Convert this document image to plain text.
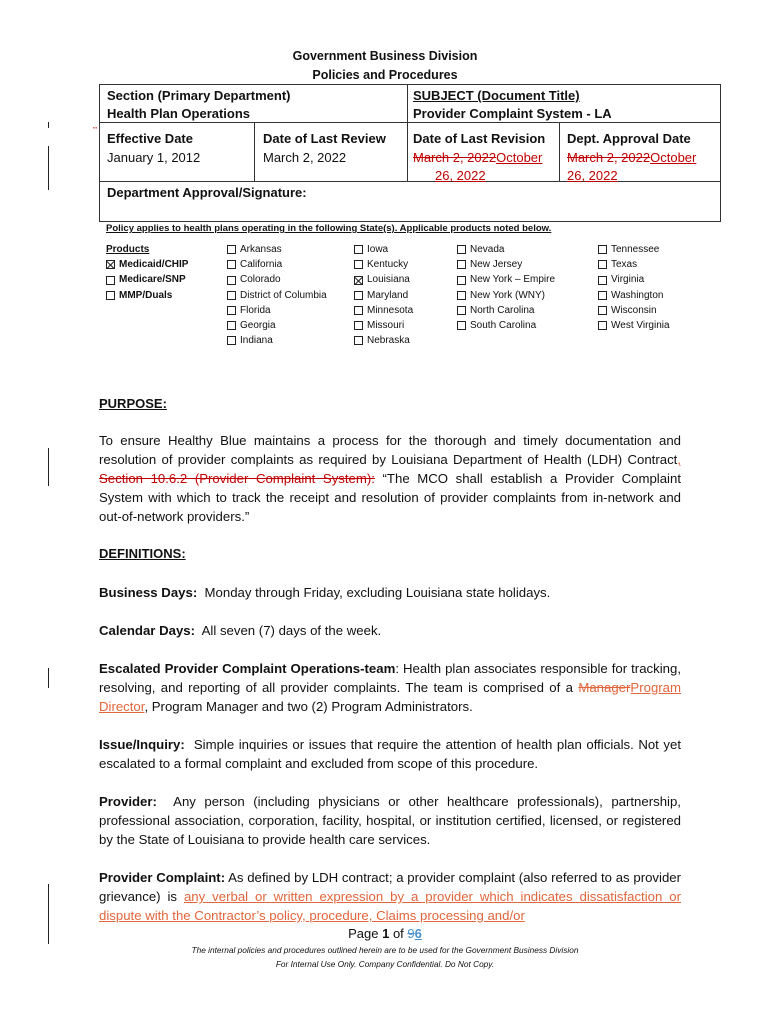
Government Business Division
Policies and Procedures
Section (Primary Department)
Health Plan Operations
SUBJECT (Document Title)
Provider Complaint System - LA
Effective Date
January 1, 2012
Date of Last Review
March 2, 2022
Date of Last Revision
March 2, 2022October
26, 2022
Dept. Approval Date
March 2, 2022October
26, 2022
Department Approval/Signature:
▪▪▪
Policy applies to health plans operating in the following State(s). Applicable products noted below.
Products
Medicaid/CHIP
Medicare/SNP
MMP/Duals
Arkansas
California
Colorado
District of Columbia
Florida
Georgia
Indiana
Iowa
Kentucky
Louisiana
Maryland
Minnesota
Missouri
Nebraska
Nevada
New Jersey
New York – Empire
New York (WNY)
North Carolina
South Carolina
Tennessee
Texas
Virginia
Washington
Wisconsin
West Virginia
PURPOSE:
To ensure Healthy Blue maintains a process for the thorough and timely documentation and resolution of provider complaints as required by Louisiana Department of Health (LDH) Contract, Section 10.6.2 (Provider Complaint System): “The MCO shall establish a Provider Complaint System with which to track the receipt and resolution of provider complaints from in-network and out-of-network providers.”
DEFINITIONS:
Business Days: Monday through Friday, excluding Louisiana state holidays.
Calendar Days: All seven (7) days of the week.
Escalated Provider Complaint Operations-team: Health plan associates responsible for tracking, resolving, and reporting of all provider complaints. The team is comprised of a ManagerProgram Director, Program Manager and two (2) Program Administrators.
Issue/Inquiry: Simple inquiries or issues that require the attention of health plan officials. Not yet escalated to a formal complaint and excluded from scope of this procedure.
Provider: Any person (including physicians or other healthcare professionals), partnership, professional association, corporation, facility, hospital, or institution certified, licensed, or registered by the State of Louisiana to provide health care services.
Provider Complaint: As defined by LDH contract; a provider complaint (also referred to as provider grievance) is any verbal or written expression by a provider which indicates dissatisfaction or dispute with the Contractor’s policy, procedure, Claims processing and/or
Page 1 of 96
The internal policies and procedures outlined herein are to be used for the Government Business Division
For Internal Use Only. Company Confidential. Do Not Copy.
